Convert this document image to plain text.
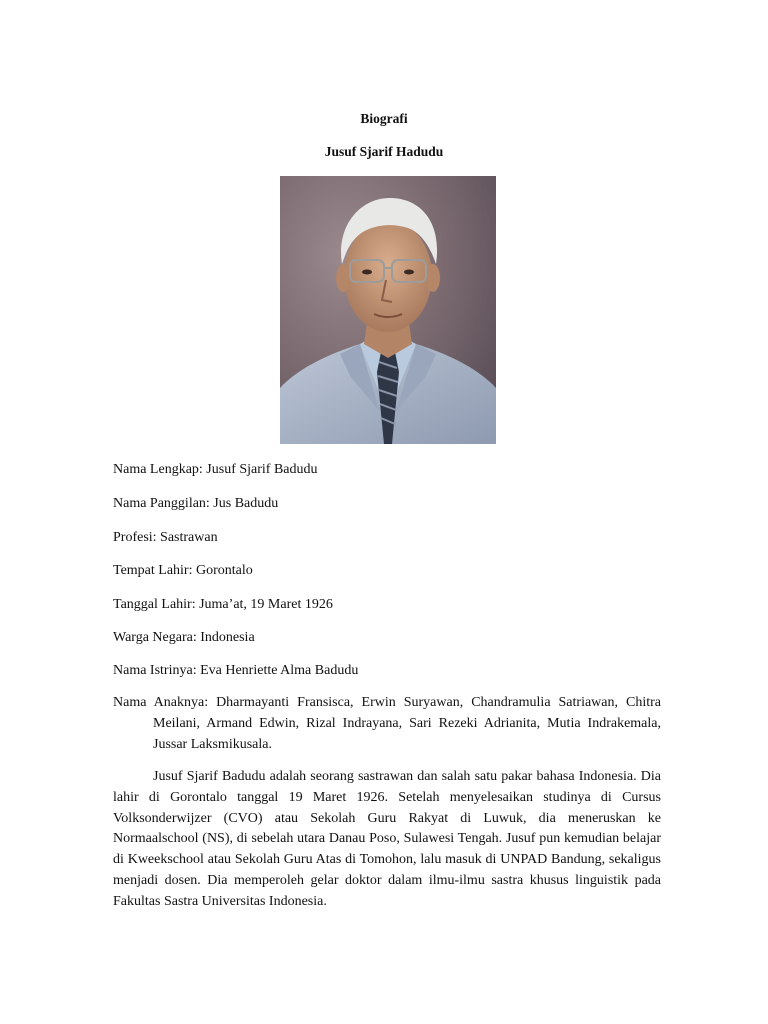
Biografi
Jusuf Sjarif Hadudu

Nama Lengkap: Jusuf Sjarif Badudu

Nama Panggilan: Jus Badudu

Profesi: Sastrawan

Tempat Lahir: Gorontalo

Tanggal Lahir: Juma’at, 19 Maret 1926

Warga Negara: Indonesia

Nama Istrinya: Eva Henriette Alma Badudu

Nama Anaknya: Dharmayanti Fransisca, Erwin Suryawan, Chandramulia Satriawan, Chitra Meilani, Armand Edwin, Rizal Indrayana, Sari Rezeki Adrianita, Mutia Indrakemala, Jussar Laksmikusala.

Jusuf Sjarif Badudu adalah seorang sastrawan dan salah satu pakar bahasa Indonesia. Dia lahir di Gorontalo tanggal 19 Maret 1926. Setelah menyelesaikan studinya di Cursus Volksonderwijzer (CVO) atau Sekolah Guru Rakyat di Luwuk, dia meneruskan ke Normaalschool (NS), di sebelah utara Danau Poso, Sulawesi Tengah. Jusuf pun kemudian belajar di Kweekschool atau Sekolah Guru Atas di Tomohon, lalu masuk di UNPAD Bandung, sekaligus menjadi dosen. Dia memperoleh gelar doktor dalam ilmu-ilmu sastra khusus linguistik pada Fakultas Sastra Universitas Indonesia.
